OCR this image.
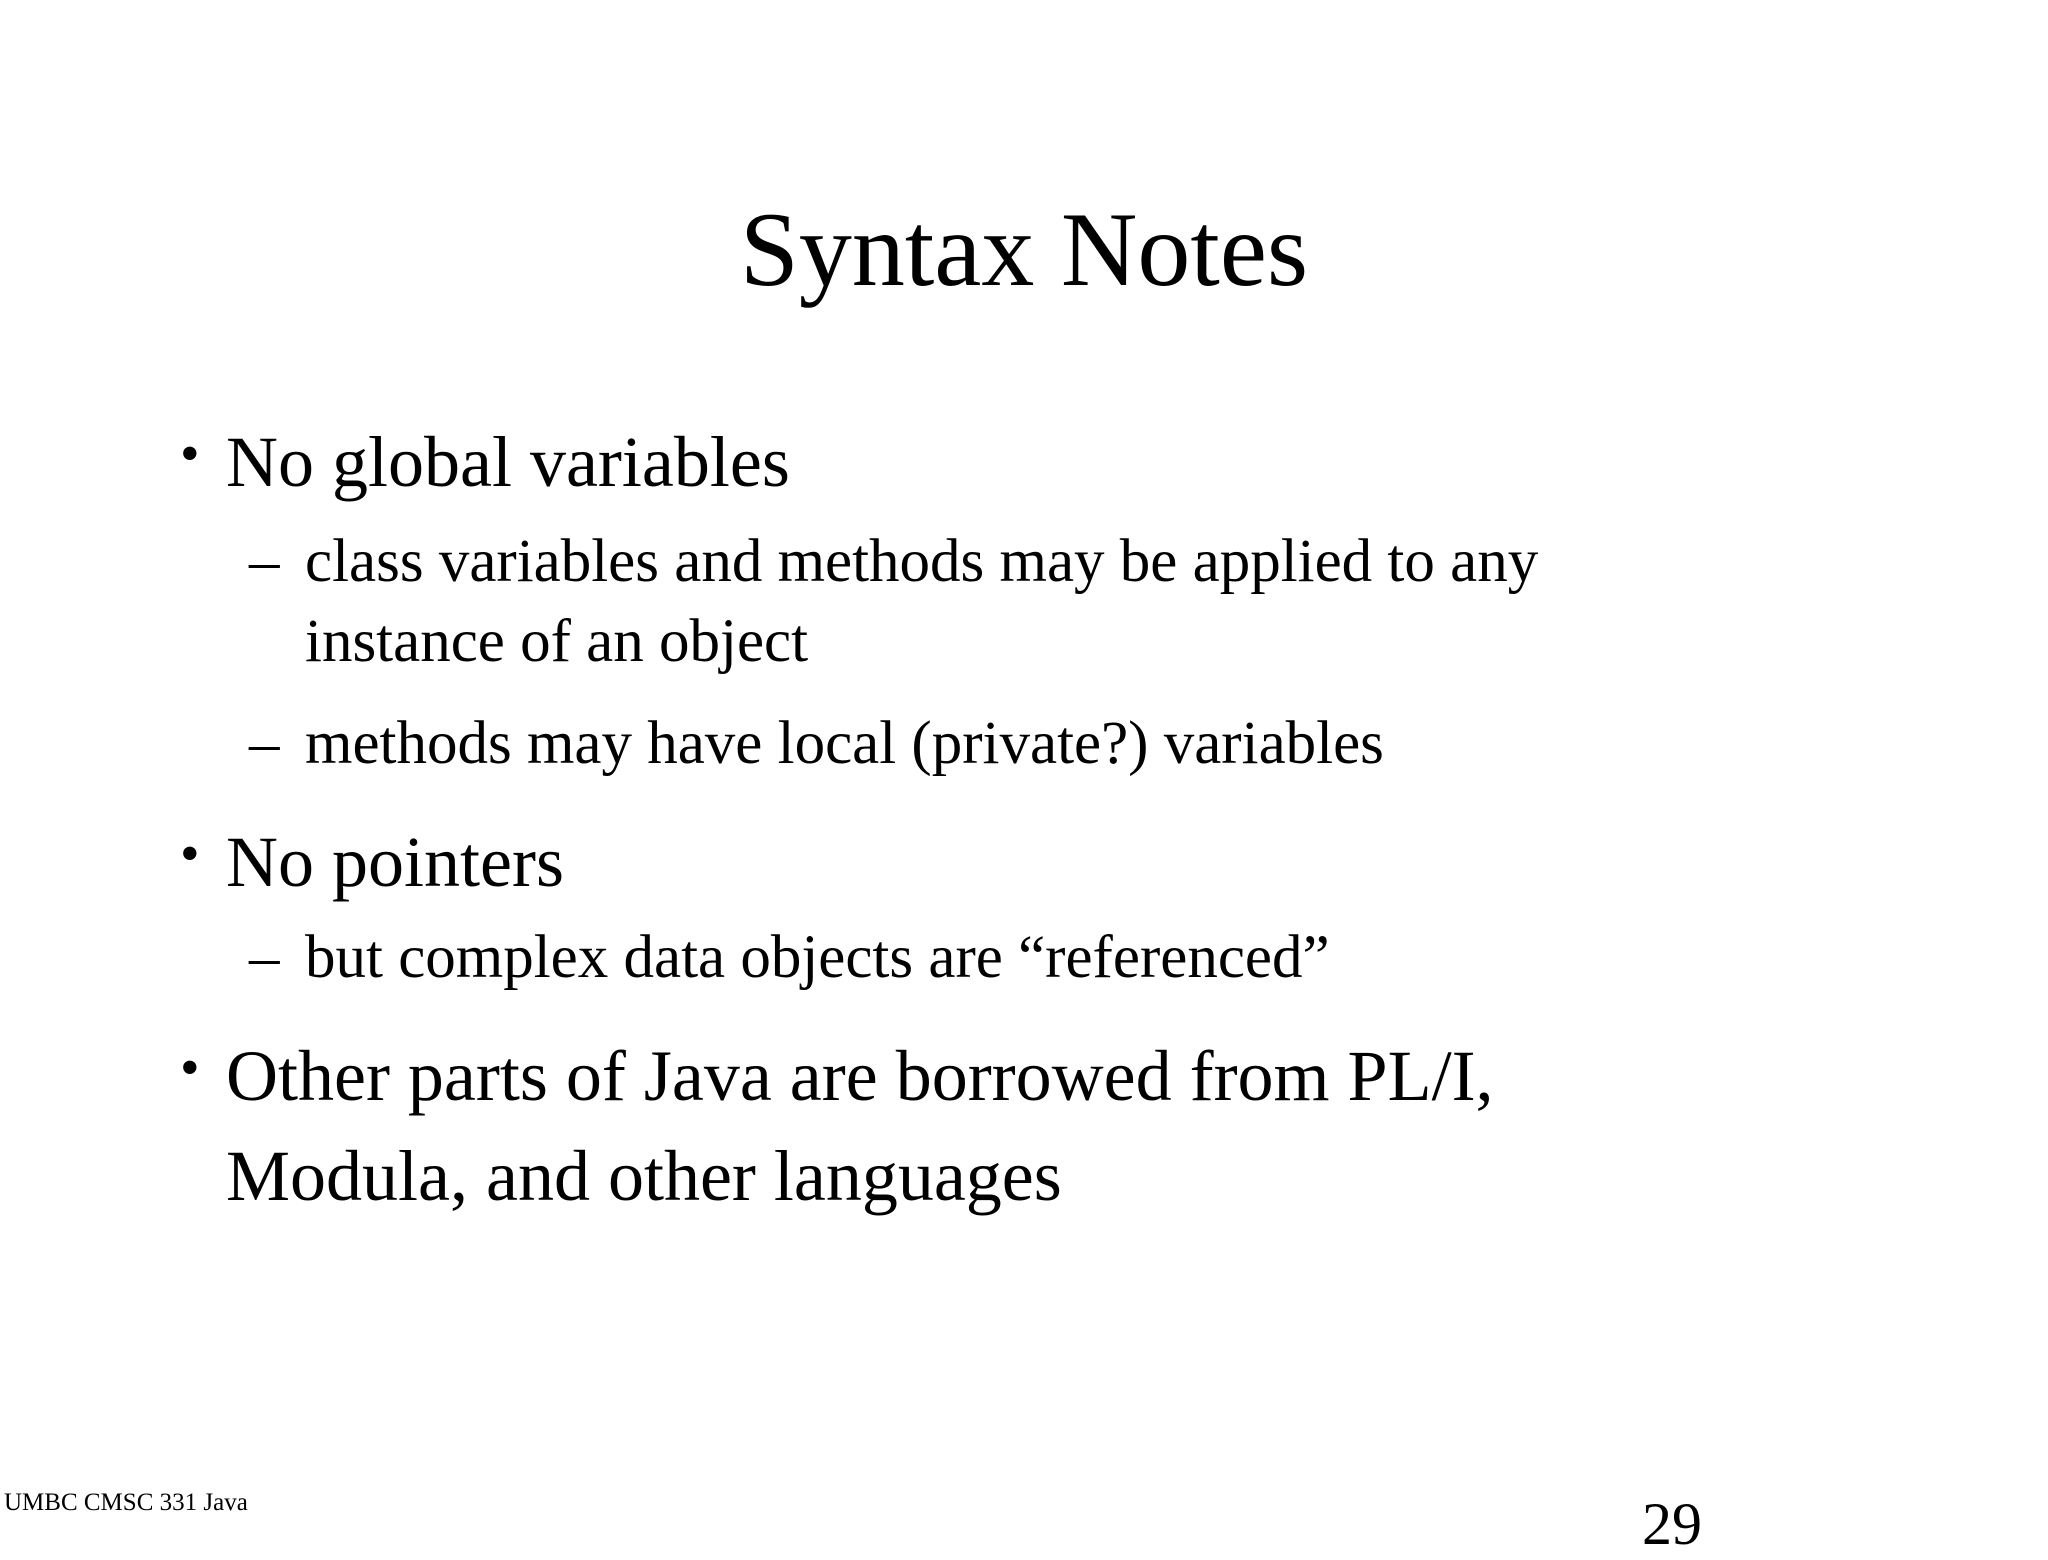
Syntax Notes
• No global variables
– class variables and methods may be applied to any
instance of an object
– methods may have local (private?) variables
• No pointers
– but complex data objects are “referenced”
• Other parts of Java are borrowed from PL/I,
Modula, and other languages
UMBC CMSC 331 Java	29
